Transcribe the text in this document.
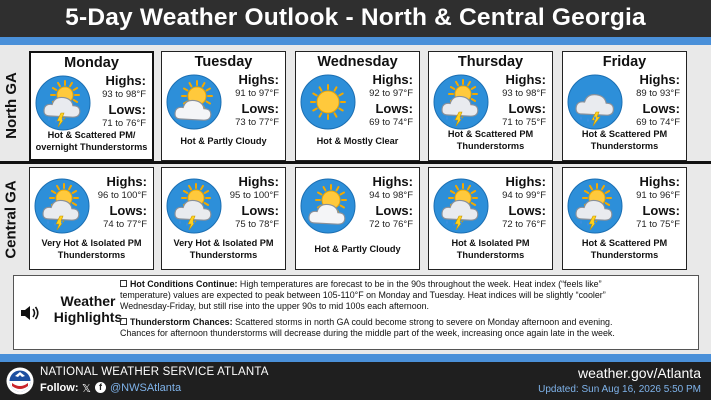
5-Day Weather Outlook - North & Central Georgia
North GA
Central GA
Monday
Highs:
93 to 98°F
Lows:
71 to 76°F
Hot & Scattered PM/
overnight Thunderstorms
Tuesday
Highs:
91 to 97°F
Lows:
73 to 77°F
Hot & Partly Cloudy
Wednesday
Highs:
92 to 97°F
Lows:
69 to 74°F
Hot & Mostly Clear
Thursday
Highs:
93 to 98°F
Lows:
71 to 75°F
Hot & Scattered PM
Thunderstorms
Friday
Highs:
89 to 93°F
Lows:
69 to 74°F
Hot & Scattered PM
Thunderstorms
Highs:
96 to 100°F
Lows:
74 to 77°F
Very Hot & Isolated PM
Thunderstorms
Highs:
95 to 100°F
Lows:
75 to 78°F
Very Hot & Isolated PM
Thunderstorms
Highs:
94 to 98°F
Lows:
72 to 76°F
Hot & Partly Cloudy
Highs:
94 to 99°F
Lows:
72 to 76°F
Hot & Isolated PM
Thunderstorms
Highs:
91 to 96°F
Lows:
71 to 75°F
Hot & Scattered PM
Thunderstorms
Weather
Highlights
Hot Conditions Continue: High temperatures are forecast to be in the 90s throughout the week. Heat index (“feels like”
temperature) values are expected to peak between 105-110°F on Monday and Tuesday. Heat indices will be slightly “cooler”
Wednesday-Friday, but still rise into the upper 90s to mid 100s each afternoon.
Thunderstorm Chances: Scattered storms in north GA could become strong to severe on Monday afternoon and evening.
Chances for afternoon thunderstorms will decrease during the middle part of the week, increasing once again late in the week.
NATIONAL WEATHER SERVICE ATLANTA
Follow: 𝕏 f @NWSAtlanta
weather.gov/Atlanta
Updated: Sun Aug 16, 2026 5:50 PM
